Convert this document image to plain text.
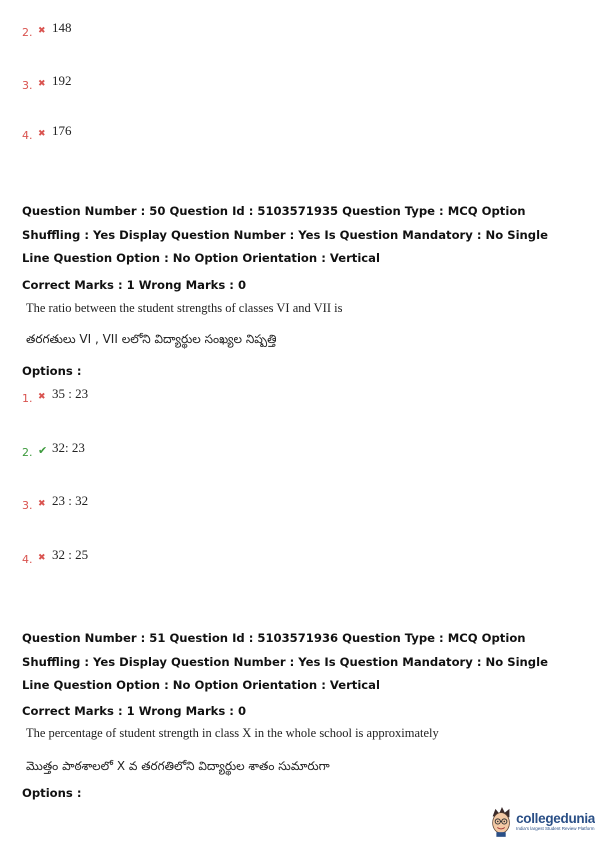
2. ✖ 148
3. ✖ 192
4. ✖ 176
Question Number : 50 Question Id : 5103571935 Question Type : MCQ Option Shuffling : Yes Display Question Number : Yes Is Question Mandatory : No Single Line Question Option : No Option Orientation : Vertical
Correct Marks : 1 Wrong Marks : 0
The ratio between the student strengths of classes VI and VII is
తరగతులు VI , VII లలోని విద్యార్థుల సంఖ్యల నిష్పత్తి
Options :
1. ✖ 35 : 23
2. ✔ 32: 23
3. ✖ 23 : 32
4. ✖ 32 : 25
Question Number : 51 Question Id : 5103571936 Question Type : MCQ Option Shuffling : Yes Display Question Number : Yes Is Question Mandatory : No Single Line Question Option : No Option Orientation : Vertical
Correct Marks : 1 Wrong Marks : 0
The percentage of student strength in class X in the whole school is approximately
మొత్తం పాఠశాలలో X వ తరగతిలోని విద్యార్థుల శాతం సుమారుగా
Options :
collegedunia
India's largest Student Review Platform
